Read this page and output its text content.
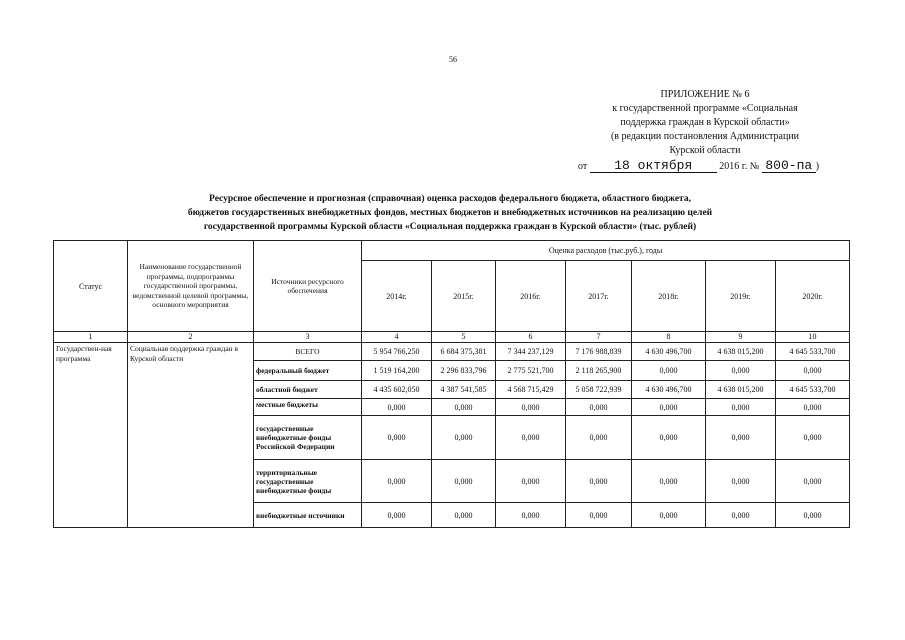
56
ПРИЛОЖЕНИЕ № 6
к государственной программе «Социальная
поддержка граждан в Курской области»
(в редакции постановления Администрации
Курской области
от 18 октября	2016 г. № 800-па )
Ресурсное обеспечение и прогнозная (справочная) оценка расходов федерального бюджета, областного бюджета,
бюджетов государственных внебюджетных фондов, местных бюджетов и внебюджетных источников на реализацию целей
государственной программы Курской области «Социальная поддержка граждан в Курской области» (тыс. рублей)
Статус	Наименование государственной программы, подпрограммы государственной программы, ведомственной целевой программы, основного мероприятия	Источники ресурсного обеспечения	Оценка расходов (тыс.руб.), годы						
			2014г.	2015г.	2016г.	2017г.	2018г.	2019г.	2020г.
1	2	3	4	5	6	7	8	9	10
Государствен-ная программа	Социальная поддержка граждан в Курской области	ВСЕГО	5 954 766,250	6 684 375,381	7 344 237,129	7 176 988,839	4 630 496,700	4 638 015,200	4 645 533,700
		федеральный бюджет	1 519 164,200	2 296 833,796	2 775 521,700	2 118 265,900	0,000	0,000	0,000
		областной бюджет	4 435 602,050	4 387 541,585	4 568 715,429	5 058 722,939	4 630 496,700	4 638 015,200	4 645 533,700
		местные бюджеты	0,000	0,000	0,000	0,000	0,000	0,000	0,000
		государственные внебюджетные фонды Российской Федерации	0,000	0,000	0,000	0,000	0,000	0,000	0,000
		территориальные государственные внебюджетные фонды	0,000	0,000	0,000	0,000	0,000	0,000	0,000
		внебюджетные источники	0,000	0,000	0,000	0,000	0,000	0,000	0,000
